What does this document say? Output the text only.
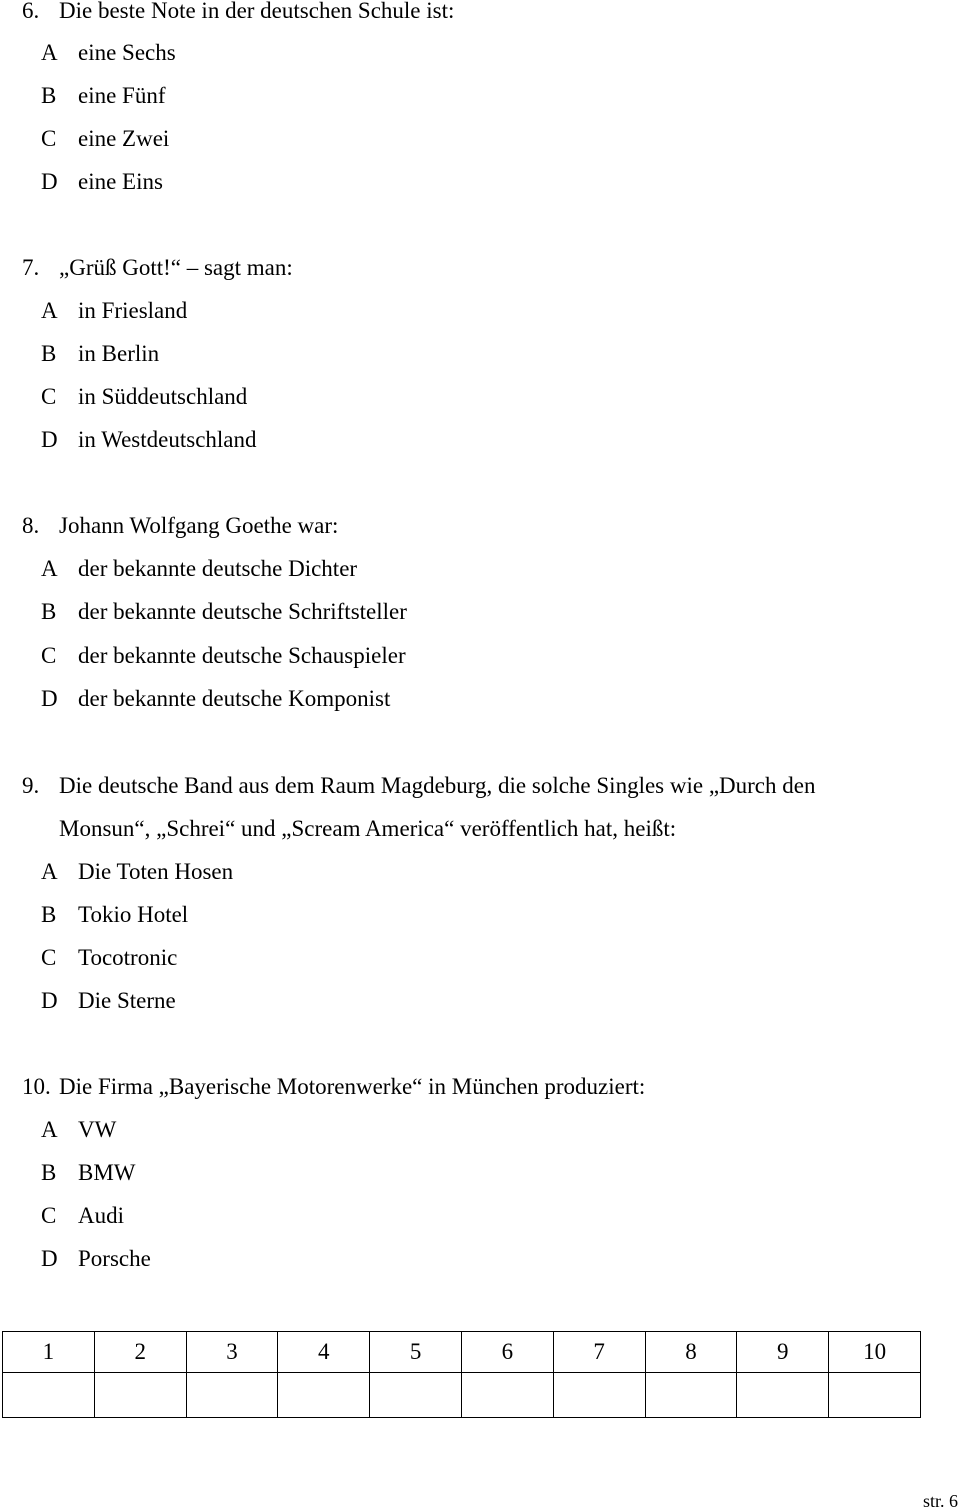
6. Die beste Note in der deutschen Schule ist:
A eine Sechs
B eine Fünf
C eine Zwei
D eine Eins
7. „Grüß Gott!“ – sagt man:
A in Friesland
B in Berlin
C in Süddeutschland
D in Westdeutschland
8. Johann Wolfgang Goethe war:
A der bekannte deutsche Dichter
B der bekannte deutsche Schriftsteller
C der bekannte deutsche Schauspieler
D der bekannte deutsche Komponist
9. Die deutsche Band aus dem Raum Magdeburg, die solche Singles wie „Durch den
Monsun“, „Schrei“ und „Scream America“ veröffentlich hat, heißt:
A Die Toten Hosen
B Tokio Hotel
C Tocotronic
D Die Sterne
10. Die Firma „Bayerische Motorenwerke“ in München produziert:
A VW
B BMW
C Audi
D Porsche
1	2	3	4	5	6	7	8	9	10

str. 6
